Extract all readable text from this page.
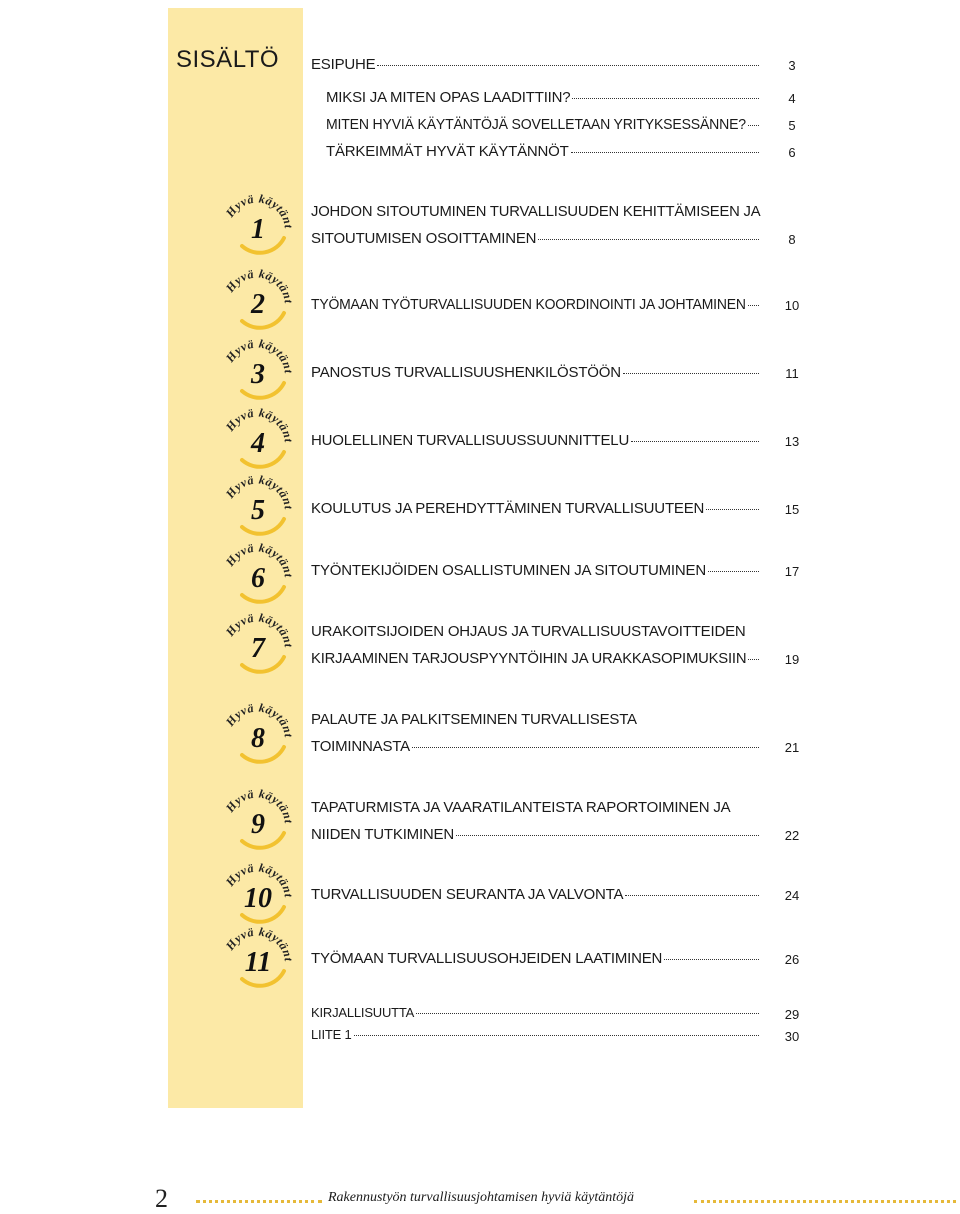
SISÄLTÖ ESIPUHE	3
MIKSI JA MITEN OPAS LAADITTIIN?	4
MITEN HYVIÄ KÄYTÄNTÖJÄ SOVELLETAAN YRITYKSESSÄNNE?	5
TÄRKEIMMÄT HYVÄT KÄYTÄNNÖT	6
Hyvä käytänt
1
JOHDON SITOUTUMINEN TURVALLISUUDEN KEHITTÄMISEEN JA
SITOUTUMISEN OSOITTAMINEN	8
Hyvä käytänt
2	TYÖMAAN TYÖTURVALLISUUDEN KOORDINOINTI JA JOHTAMINEN	10
Hyvä käytänt
3	PANOSTUS TURVALLISUUSHENKILÖSTÖÖN	11
Hyvä käytänt
4	HUOLELLINEN TURVALLISUUSSUUNNITTELU	13
Hyvä käytänt
5	KOULUTUS JA PEREHDYTTÄMINEN TURVALLISUUTEEN	15
Hyvä käytänt
6	TYÖNTEKIJÖIDEN OSALLISTUMINEN JA SITOUTUMINEN	17
Hyvä käytänt
7
URAKOITSIJOIDEN OHJAUS JA TURVALLISUUSTAVOITTEIDEN
KIRJAAMINEN TARJOUSPYYNTÖIHIN JA URAKKASOPIMUKSIIN	19
Hyvä käytänt
8
PALAUTE JA PALKITSEMINEN TURVALLISESTA
TOIMINNASTA	21
Hyvä käytänt
9
TAPATURMISTA JA VAARATILANTEISTA RAPORTOIMINEN JA
NIIDEN TUTKIMINEN	22
Hyvä käytänt
10	TURVALLISUUDEN SEURANTA JA VALVONTA	24
Hyvä käytänt
11	TYÖMAAN TURVALLISUUSOHJEIDEN LAATIMINEN	26
KIRJALLISUUTTA	29
LIITE 1	30
2	Rakennustyön turvallisuusjohtamisen hyviä käytäntöjä
